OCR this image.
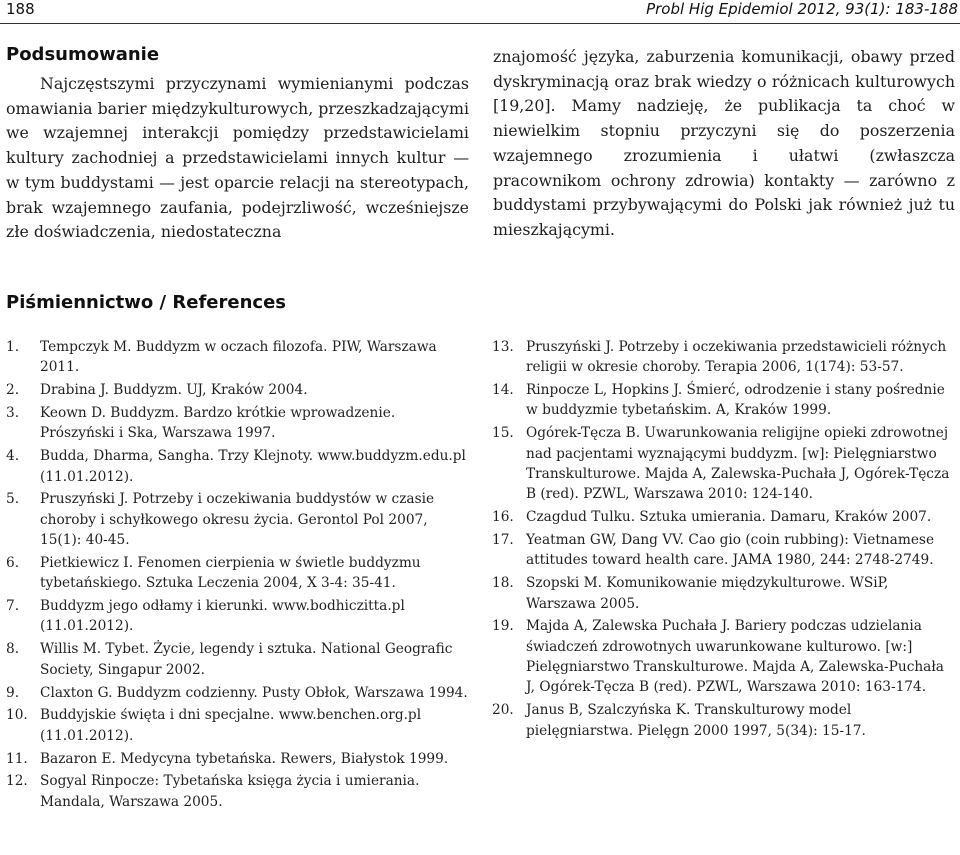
188	Probl Hig Epidemiol 2012, 93(1): 183-188
Podsumowanie

Najczęstszymi przyczynami wymienianymi podczas omawiania barier międzykulturowych, przeszkadzającymi we wzajemnej interakcji pomiędzy przedstawicielami kultury zachodniej a przedstawicielami innych kultur — w tym buddystami — jest oparcie relacji na stereotypach, brak wzajemnego zaufania, podejrzliwość, wcześniejsze złe doświadczenia, niedostateczna

znajomość języka, zaburzenia komunikacji, obawy przed dyskryminacją oraz brak wiedzy o różnicach kulturowych [19,20]. Mamy nadzieję, że publikacja ta choć w niewielkim stopniu przyczyni się do poszerzenia wzajemnego zrozumienia i ułatwi (zwłaszcza pracownikom ochrony zdrowia) kontakty — zarówno z buddystami przybywającymi do Polski jak również już tu mieszkającymi.

Piśmiennictwo / References
1.	Tempczyk M. Buddyzm w oczach filozofa. PIW, Warszawa 2011.
2.	Drabina J. Buddyzm. UJ, Kraków 2004.
3.	Keown D. Buddyzm. Bardzo krótkie wprowadzenie. Prószyński i Ska, Warszawa 1997.
4.	Budda, Dharma, Sangha. Trzy Klejnoty. www.buddyzm.edu.pl (11.01.2012).
5.	Pruszyński J. Potrzeby i oczekiwania buddystów w czasie choroby i schyłkowego okresu życia. Gerontol Pol 2007, 15(1): 40-45.
6.	Pietkiewicz I. Fenomen cierpienia w świetle buddyzmu tybetańskiego. Sztuka Leczenia 2004, X 3-4: 35-41.
7.	Buddyzm jego odłamy i kierunki. www.bodhiczitta.pl (11.01.2012).
8.	Willis M. Tybet. Życie, legendy i sztuka. National Geografic Society, Singapur 2002.
9.	Claxton G. Buddyzm codzienny. Pusty Obłok, Warszawa 1994.
10. Buddyjskie święta i dni specjalne. www.benchen.org.pl (11.01.2012).
11. Bazaron E. Medycyna tybetańska. Rewers, Białystok 1999.
12. Sogyal Rinpocze: Tybetańska księga życia i umierania. Mandala, Warszawa 2005.
13. Pruszyński J. Potrzeby i oczekiwania przedstawicieli różnych religii w okresie choroby. Terapia 2006, 1(174): 53-57.
14. Rinpocze L, Hopkins J. Śmierć, odrodzenie i stany pośrednie w buddyzmie tybetańskim. A, Kraków 1999.
15. Ogórek-Tęcza B. Uwarunkowania religijne opieki zdrowotnej nad pacjentami wyznającymi buddyzm. [w]: Pielęgniarstwo Transkulturowe. Majda A, Zalewska-Puchała J, Ogórek-Tęcza B (red). PZWL, Warszawa 2010: 124-140.
16. Czagdud Tulku. Sztuka umierania. Damaru, Kraków 2007.
17. Yeatman GW, Dang VV. Cao gio (coin rubbing): Vietnamese attitudes toward health care. JAMA 1980, 244: 2748-2749.
18. Szopski M. Komunikowanie międzykulturowe. WSiP, Warszawa 2005.
19. Majda A, Zalewska Puchała J. Bariery podczas udzielania świadczeń zdrowotnych uwarunkowane kulturowo. [w:] Pielęgniarstwo Transkulturowe. Majda A, Zalewska-Puchała J, Ogórek-Tęcza B (red). PZWL, Warszawa 2010: 163-174.
20. Janus B, Szalczyńska K. Transkulturowy model pielęgniarstwa. Pielęgn 2000 1997, 5(34): 15-17.
